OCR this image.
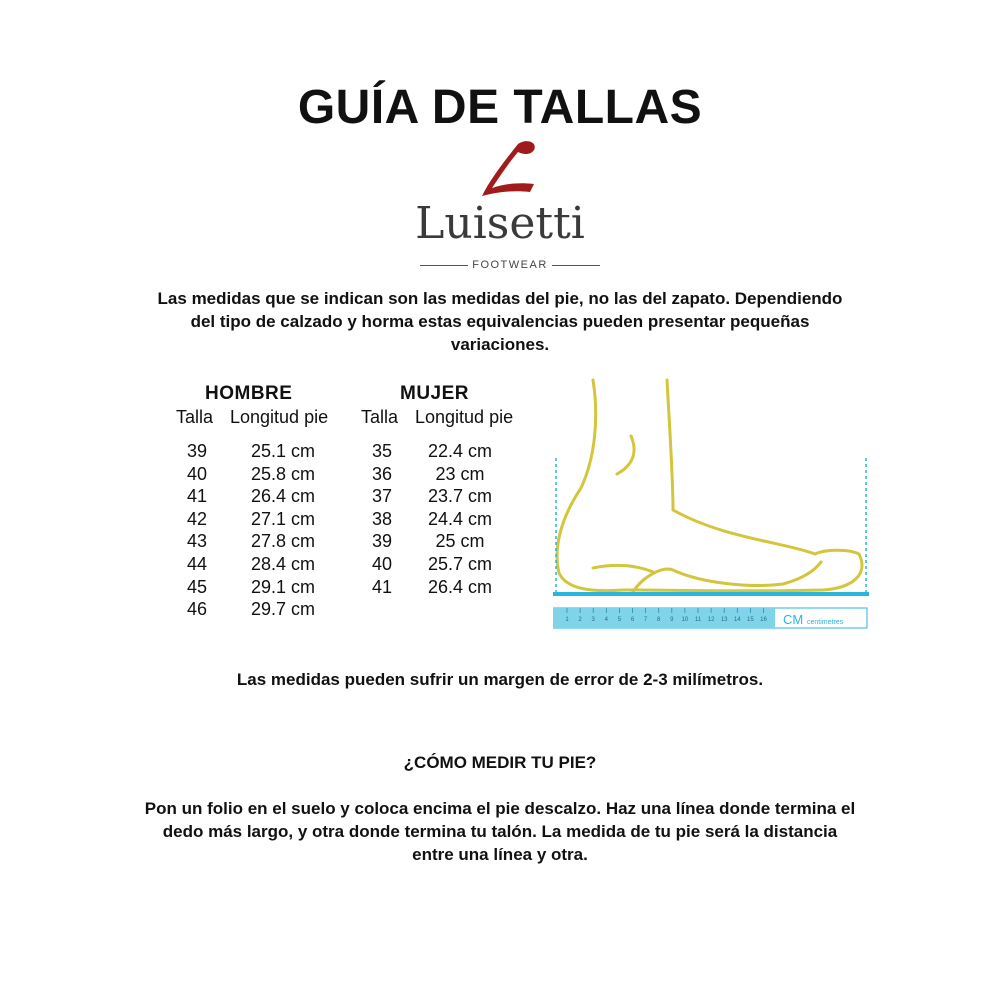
GUÍA DE TALLAS
Luisetti
FOOTWEAR
Las medidas que se indican son las medidas del pie, no las del zapato. Dependiendo del tipo de calzado y horma estas equivalencias pueden presentar pequeñas variaciones.
HOMBRE
Talla Longitud pie
39	25.1 cm
40	25.8 cm
41	26.4 cm
42	27.1 cm
43	27.8 cm
44	28.4 cm
45	29.1 cm
46	29.7 cm
MUJER
Talla Longitud pie
35	22.4 cm
36	23 cm
37	23.7 cm
38	24.4 cm
39	25 cm
40	25.7 cm
41	26.4 cm
1 2 3 4 5 6 7 8 9 10 11 12 13 14 15 16 CM centimetres
Las medidas pueden sufrir un margen de error de 2-3 milímetros.
¿CÓMO MEDIR TU PIE?
Pon un folio en el suelo y coloca encima el pie descalzo. Haz una línea donde termina el dedo más largo, y otra donde termina tu talón. La medida de tu pie será la distancia entre una línea y otra.
